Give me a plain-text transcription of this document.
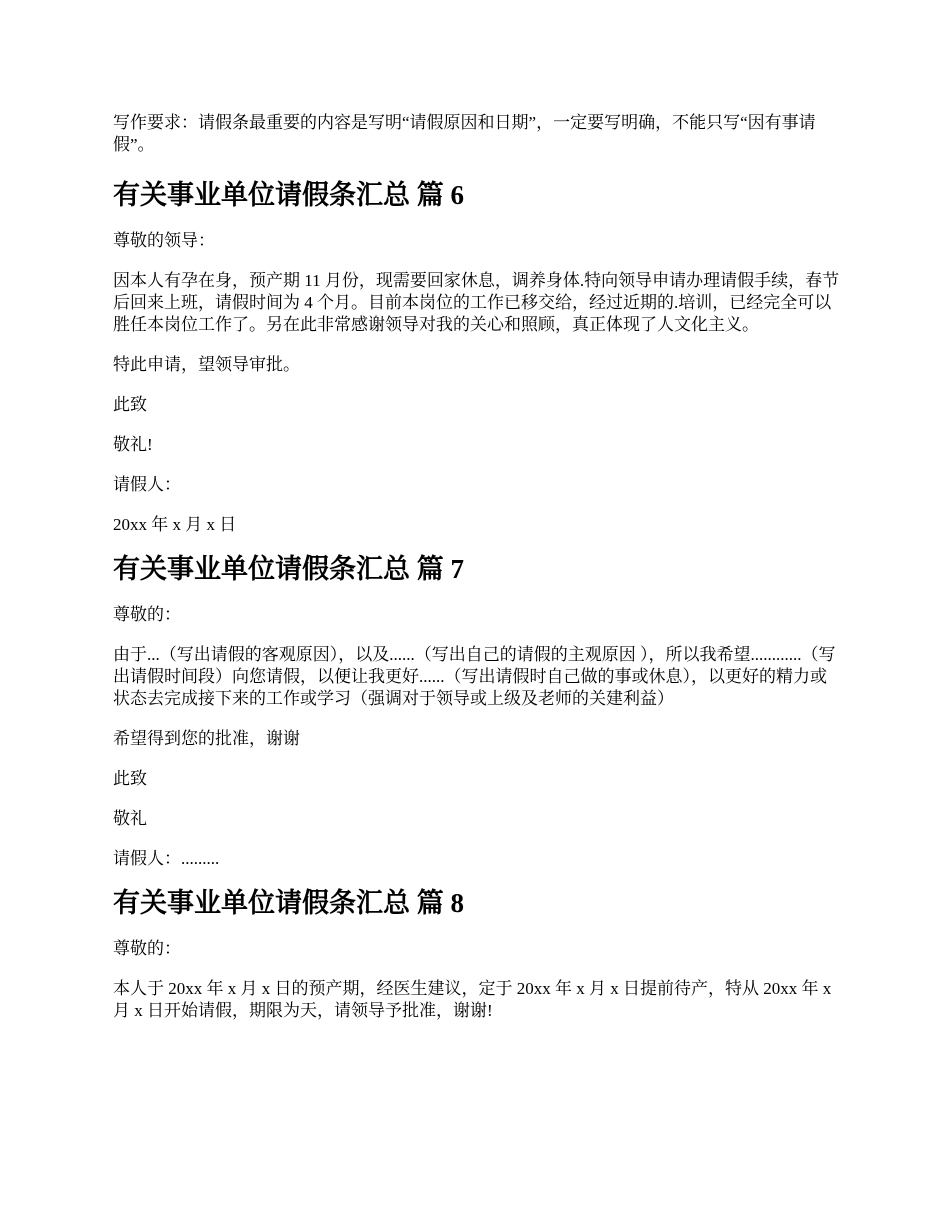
写作要求：请假条最重要的内容是写明“请假原因和日期”，一定要写明确，不能只写“因有事请假”。

有关事业单位请假条汇总 篇 6

尊敬的领导：

因本人有孕在身，预产期 11 月份，现需要回家休息，调养身体.特向领导申请办理请假手续，春节后回来上班，请假时间为 4 个月。目前本岗位的工作已移交给，经过近期的.培训，已经完全可以胜任本岗位工作了。另在此非常感谢领导对我的关心和照顾，真正体现了人文化主义。

特此申请，望领导审批。

此致

敬礼!

请假人：

20xx 年 x 月 x 日

有关事业单位请假条汇总 篇 7

尊敬的：

由于...（写出请假的客观原因），以及......（写出自己的请假的主观原因 ），所以我希望............（写出请假时间段）向您请假，以便让我更好......（写出请假时自己做的事或休息），以更好的精力或状态去完成接下来的工作或学习（强调对于领导或上级及老师的关建利益）

希望得到您的批准，谢谢

此致

敬礼

请假人：.........

有关事业单位请假条汇总 篇 8

尊敬的：

本人于 20xx 年 x 月 x 日的预产期，经医生建议，定于 20xx 年 x 月 x 日提前待产，特从 20xx 年 x 月 x 日开始请假，期限为天，请领导予批准，谢谢!
